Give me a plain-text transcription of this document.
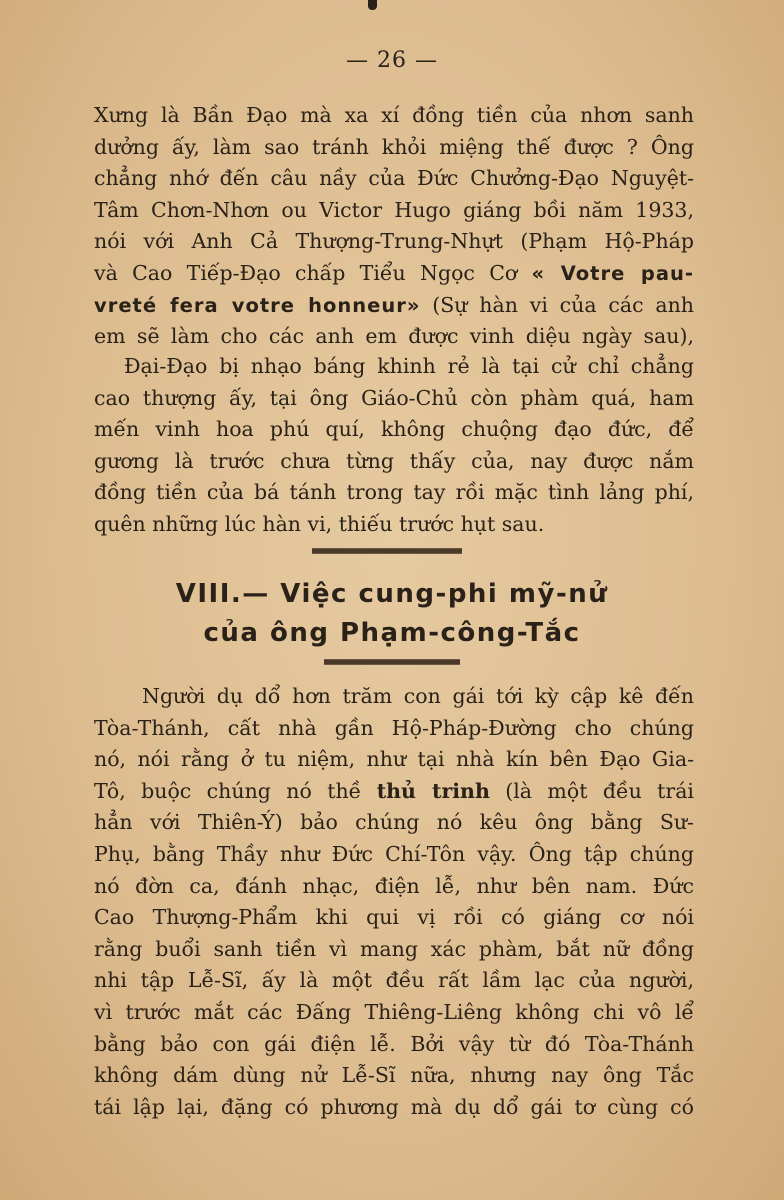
— 26 —
Xưng là Bần Đạo mà xa xí đồng tiền của nhơn sanh
dưởng ấy, làm sao tránh khỏi miệng thế được ? Ông
chẳng nhớ đến câu nầy của Đức Chưởng-Đạo Nguyệt-
Tâm Chơn-Nhơn ou Victor Hugo giáng bồi năm 1933,
nói với Anh Cả Thượng-Trung-Nhựt (Phạm Hộ-Pháp
và Cao Tiếp-Đạo chấp Tiểu Ngọc Cơ « Votre pau-
vreté fera votre honneur» (Sự hàn vi của các anh
em sẽ làm cho các anh em được vinh diệu ngày sau),
Đại-Đạo bị nhạo báng khinh rẻ là tại cử chỉ chẳng
cao thượng ấy, tại ông Giáo-Chủ còn phàm quá, ham
mến vinh hoa phú quí, không chuộng đạo đức, để
gương là trước chưa từng thấy của, nay được nắm
đồng tiền của bá tánh trong tay rồi mặc tình lảng phí,
quên những lúc hàn vi, thiếu trước hụt sau.
VIII.— Việc cung-phi mỹ-nử
của ông Phạm-công-Tắc
Người dụ dổ hơn trăm con gái tới kỳ cập kê đến
Tòa-Thánh, cất nhà gần Hộ-Pháp-Đường cho chúng
nó, nói rằng ở tu niệm, như tại nhà kín bên Đạo Gia-
Tô, buộc chúng nó thề thủ trinh (là một đều trái
hẳn với Thiên-Ý) bảo chúng nó kêu ông bằng Sư-
Phụ, bằng Thầy như Đức Chí-Tôn vậy. Ông tập chúng
nó đờn ca, đánh nhạc, điện lễ, như bên nam. Đức
Cao Thượng-Phẩm khi qui vị rồi có giáng cơ nói
rằng buổi sanh tiền vì mang xác phàm, bắt nữ đồng
nhi tập Lễ-Sĩ, ấy là một đều rất lầm lạc của người,
vì trước mắt các Đấng Thiêng-Liêng không chi vô lể
bằng bảo con gái điện lễ. Bởi vậy từ đó Tòa-Thánh
không dám dùng nử Lễ-Sĩ nữa, nhưng nay ông Tắc
tái lập lại, đặng có phương mà dụ dổ gái tơ cùng có
